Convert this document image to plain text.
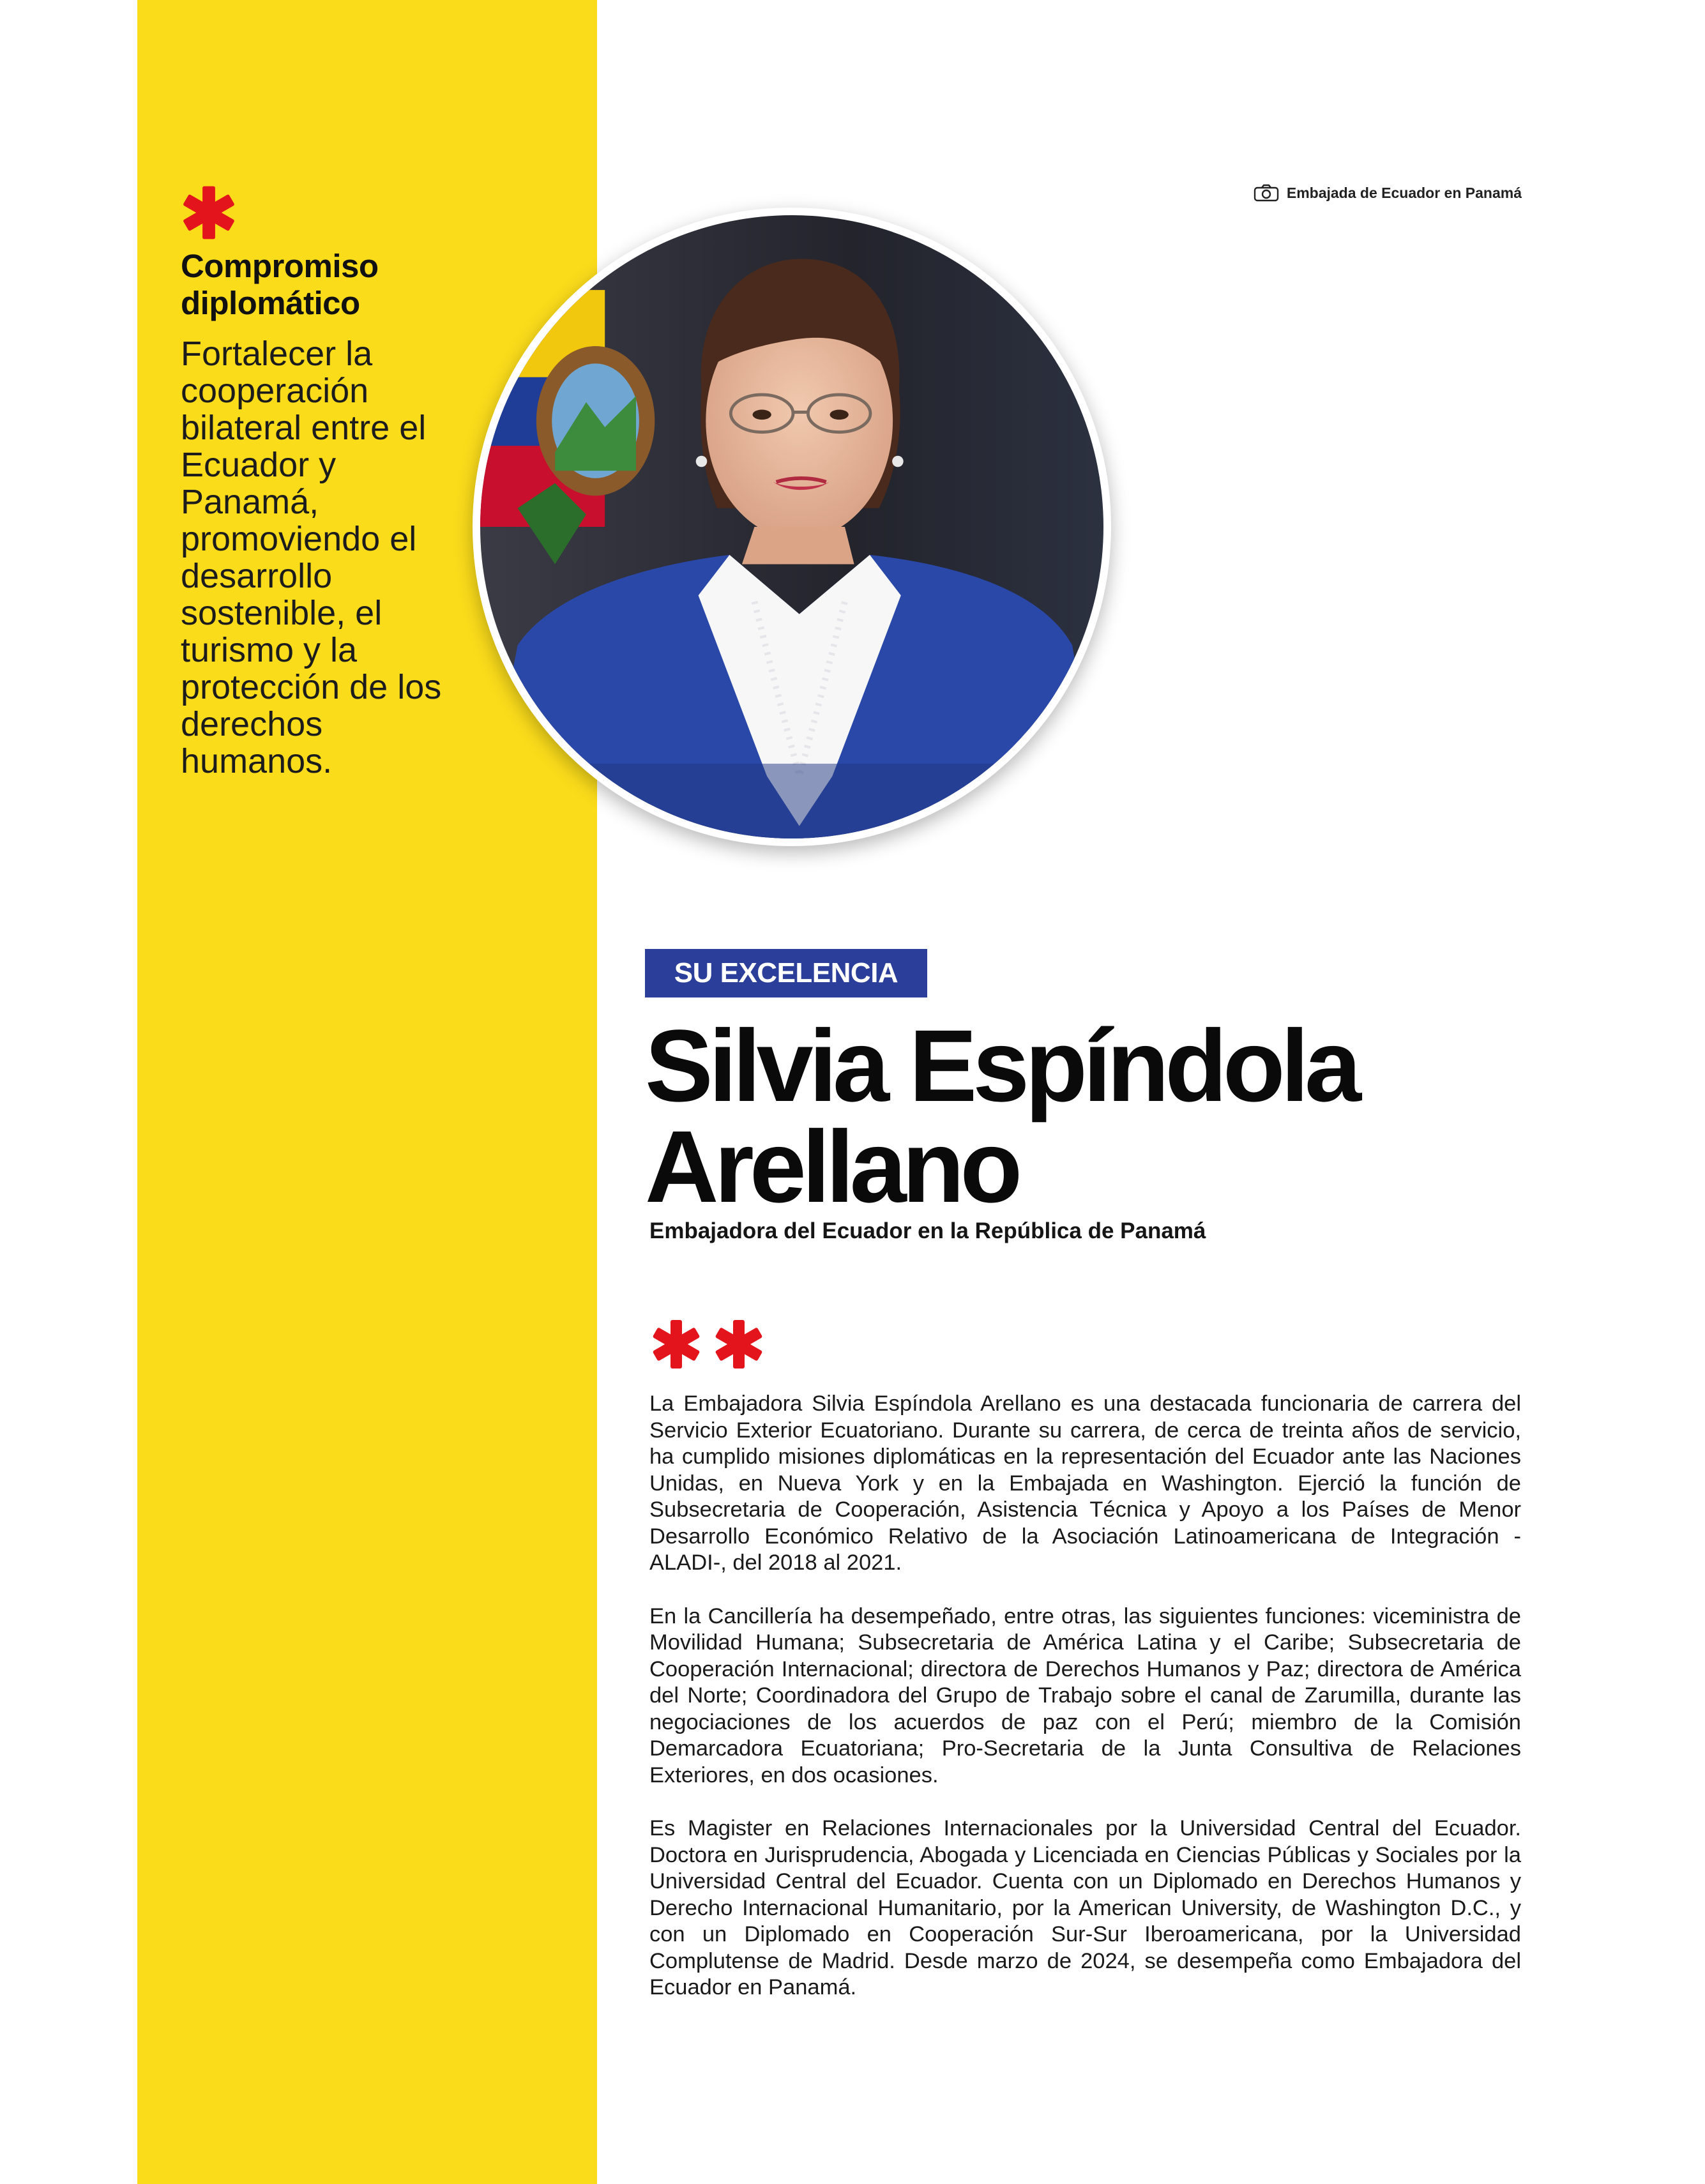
Compromiso
diplomático
Fortalecer la cooperación bilateral entre el Ecuador y Panamá, promoviendo el desarrollo sostenible, el turismo y la protección de los derechos humanos.
Embajada de Ecuador en Panamá
SU EXCELENCIA
Silvia Espíndola
Arellano
Embajadora del Ecuador en la República de Panamá

La Embajadora Silvia Espíndola Arellano es una destacada funcionaria de carrera del Servicio Exterior Ecuatoriano. Durante su carrera, de cerca de treinta años de servicio, ha cumplido misiones diplomáticas en la representación del Ecuador ante las Naciones Unidas, en Nueva York y en la Embajada en Washington. Ejerció la función de Subsecretaria de Cooperación, Asistencia Técnica y Apoyo a los Países de Menor Desarrollo Económico Relativo de la Asociación Latinoamericana de Integración -ALADI-, del 2018 al 2021.

En la Cancillería ha desempeñado, entre otras, las siguientes funciones: viceministra de Movilidad Humana; Subsecretaria de América Latina y el Caribe; Subsecretaria de Cooperación Internacional; directora de Derechos Humanos y Paz; directora de América del Norte; Coordinadora del Grupo de Trabajo sobre el canal de Zarumilla, durante las negociaciones de los acuerdos de paz con el Perú; miembro de la Comisión Demarcadora Ecuatoriana; Pro-Secretaria de la Junta Consultiva de Relaciones Exteriores, en dos ocasiones.

Es Magister en Relaciones Internacionales por la Universidad Central del Ecuador. Doctora en Jurisprudencia, Abogada y Licenciada en Ciencias Públicas y Sociales por la Universidad Central del Ecuador. Cuenta con un Diplomado en Derechos Humanos y Derecho Internacional Humanitario, por la American University, de Washington D.C., y con un Diplomado en Cooperación Sur-Sur Iberoamericana, por la Universidad Complutense de Madrid. Desde marzo de 2024, se desempeña como Embajadora del Ecuador en Panamá.
